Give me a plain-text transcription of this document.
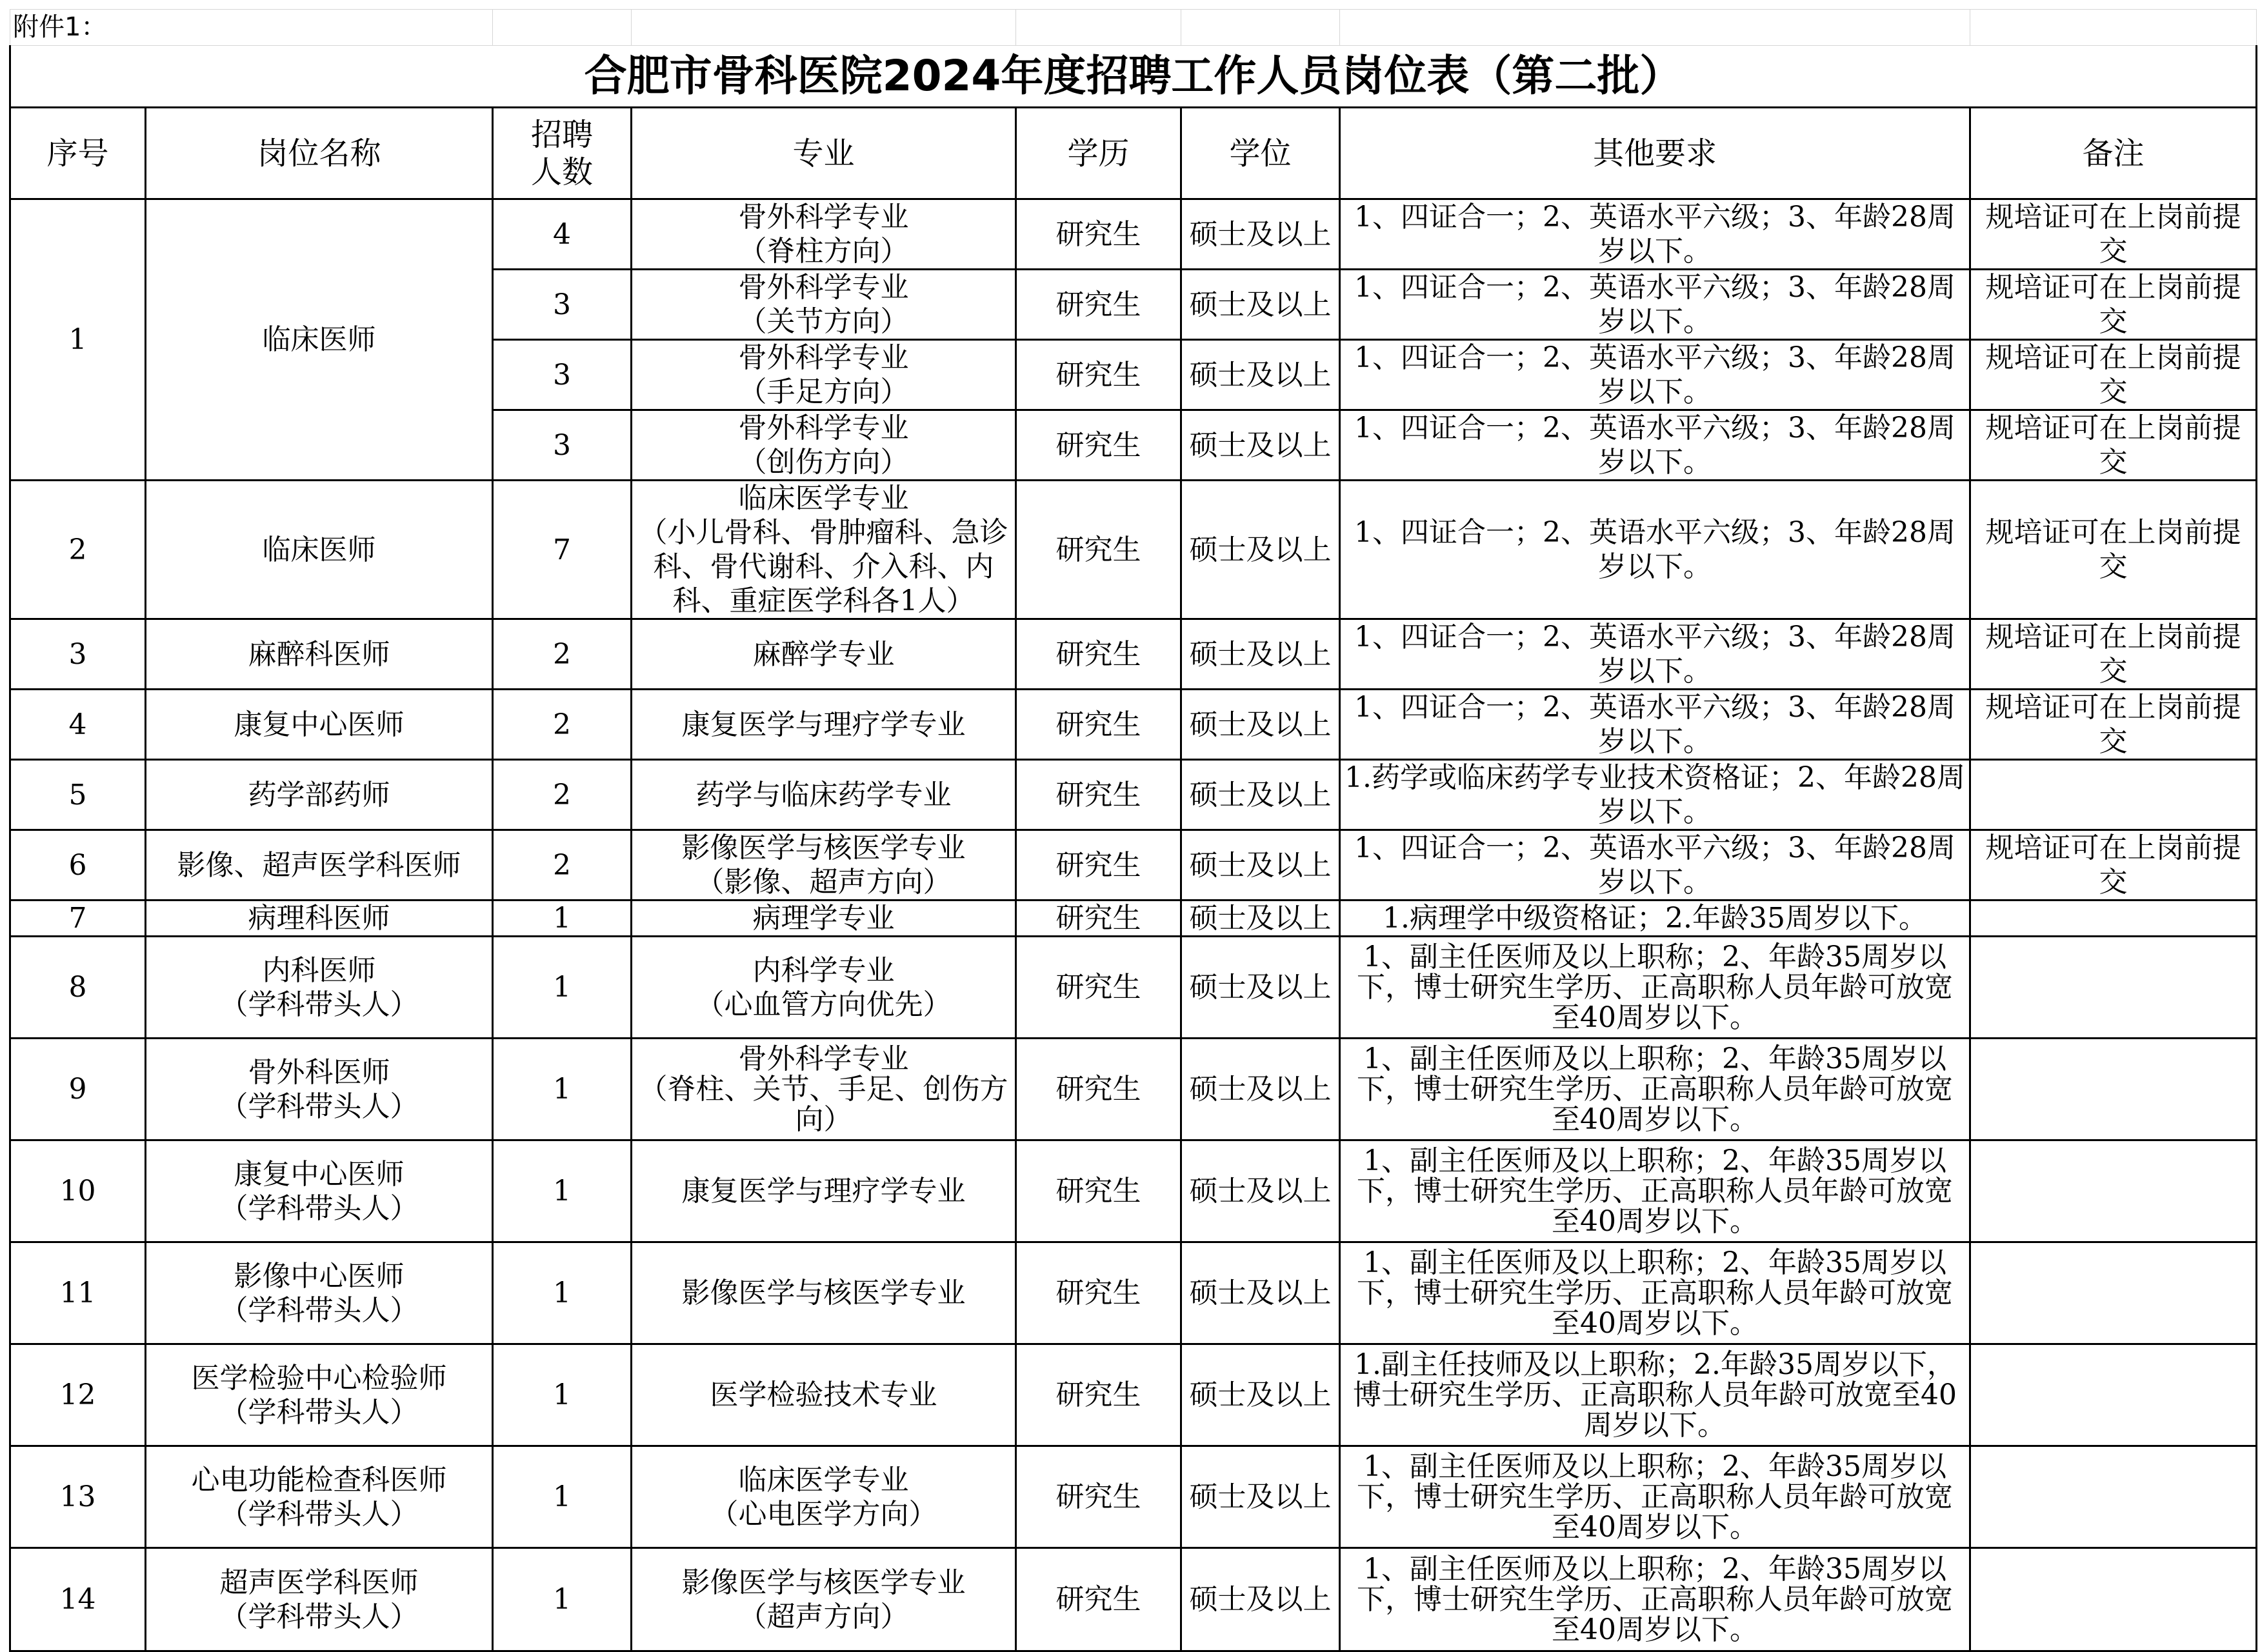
附件1：							
合肥市骨科医院2024年度招聘工作人员岗位表（第二批）							
序号	岗位名称	招聘
人数	专业	学历	学位	其他要求	备注
1	临床医师	4	骨外科学专业
（脊柱方向）	研究生	硕士及以上	1、四证合一；2、英语水平六级；3、年龄28周岁以下。	规培证可在上岗前提交
		3	骨外科学专业
（关节方向）	研究生	硕士及以上	1、四证合一；2、英语水平六级；3、年龄28周岁以下。	规培证可在上岗前提交
		3	骨外科学专业
（手足方向）	研究生	硕士及以上	1、四证合一；2、英语水平六级；3、年龄28周岁以下。	规培证可在上岗前提交
		3	骨外科学专业
（创伤方向）	研究生	硕士及以上	1、四证合一；2、英语水平六级；3、年龄28周岁以下。	规培证可在上岗前提交
2	临床医师	7	临床医学专业
（小儿骨科、骨肿瘤科、急诊科、骨代谢科、介入科、内科、重症医学科各1人）	研究生	硕士及以上	1、四证合一；2、英语水平六级；3、年龄28周岁以下。	规培证可在上岗前提交
3	麻醉科医师	2	麻醉学专业	研究生	硕士及以上	1、四证合一；2、英语水平六级；3、年龄28周岁以下。	规培证可在上岗前提交
4	康复中心医师	2	康复医学与理疗学专业	研究生	硕士及以上	1、四证合一；2、英语水平六级；3、年龄28周岁以下。	规培证可在上岗前提交
5	药学部药师	2	药学与临床药学专业	研究生	硕士及以上	1.药学或临床药学专业技术资格证；2、年龄28周岁以下。	
6	影像、超声医学科医师	2	影像医学与核医学专业
（影像、超声方向）	研究生	硕士及以上	1、四证合一；2、英语水平六级；3、年龄28周岁以下。	规培证可在上岗前提交
7	病理科医师	1	病理学专业	研究生	硕士及以上	1.病理学中级资格证；2.年龄35周岁以下。	
8	内科医师
（学科带头人）	1	内科学专业
（心血管方向优先）	研究生	硕士及以上	1、副主任医师及以上职称；2、年龄35周岁以下，博士研究生学历、正高职称人员年龄可放宽至40周岁以下。	
9	骨外科医师
（学科带头人）	1	骨外科学专业
（脊柱、关节、手足、创伤方向）	研究生	硕士及以上	1、副主任医师及以上职称；2、年龄35周岁以下，博士研究生学历、正高职称人员年龄可放宽至40周岁以下。	
10	康复中心医师
（学科带头人）	1	康复医学与理疗学专业	研究生	硕士及以上	1、副主任医师及以上职称；2、年龄35周岁以下，博士研究生学历、正高职称人员年龄可放宽至40周岁以下。	
11	影像中心医师
（学科带头人）	1	影像医学与核医学专业	研究生	硕士及以上	1、副主任医师及以上职称；2、年龄35周岁以下，博士研究生学历、正高职称人员年龄可放宽至40周岁以下。	
12	医学检验中心检验师
（学科带头人）	1	医学检验技术专业	研究生	硕士及以上	1.副主任技师及以上职称；2.年龄35周岁以下，博士研究生学历、正高职称人员年龄可放宽至40周岁以下。	
13	心电功能检查科医师
（学科带头人）	1	临床医学专业
（心电医学方向）	研究生	硕士及以上	1、副主任医师及以上职称；2、年龄35周岁以下，博士研究生学历、正高职称人员年龄可放宽至40周岁以下。	
14	超声医学科医师
（学科带头人）	1	影像医学与核医学专业
（超声方向）	研究生	硕士及以上	1、副主任医师及以上职称；2、年龄35周岁以下，博士研究生学历、正高职称人员年龄可放宽至40周岁以下。	
